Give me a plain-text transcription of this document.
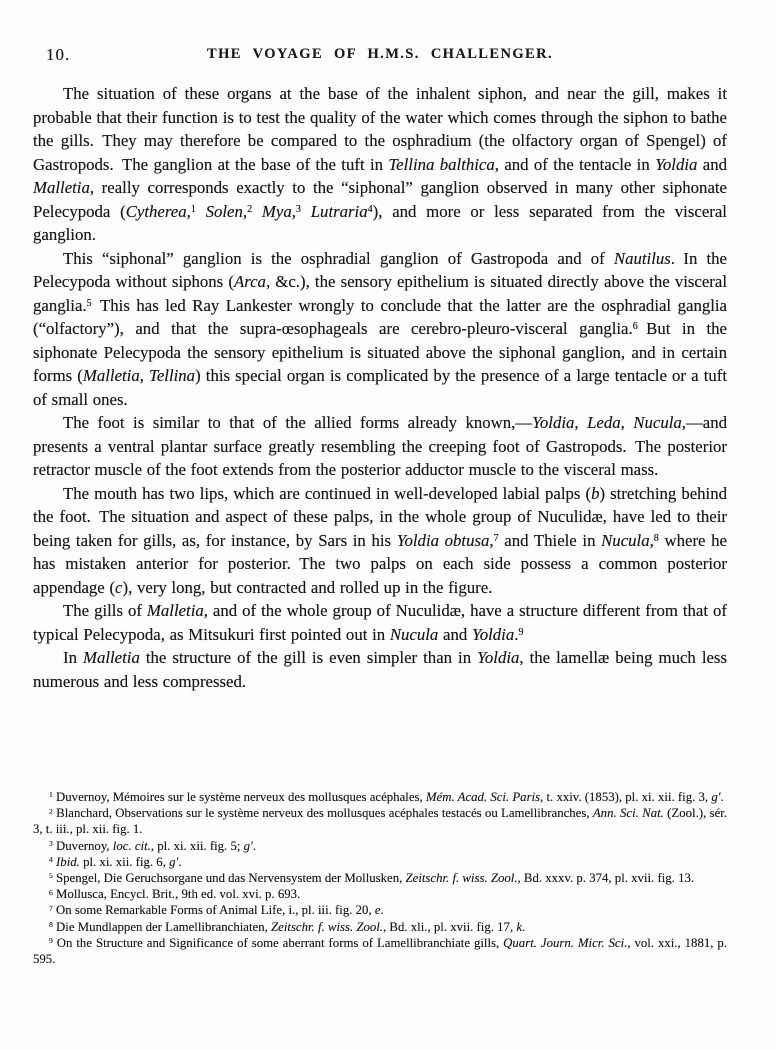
10.	THE VOYAGE OF H.M.S. CHALLENGER.

The situation of these organs at the base of the inhalent siphon, and near the gill, makes it probable that their function is to test the quality of the water which comes through the siphon to bathe the gills. They may therefore be compared to the osphradium (the olfactory organ of Spengel) of Gastropods. The ganglion at the base of the tuft in Tellina balthica, and of the tentacle in Yoldia and Malletia, really corresponds exactly to the “siphonal” ganglion observed in many other siphonate Pelecypoda (Cytherea,$^1$ Solen,$^2$ Mya,$^3$ Lutraria$^4$), and more or less separated from the visceral ganglion.

This “siphonal” ganglion is the osphradial ganglion of Gastropoda and of Nautilus. In the Pelecypoda without siphons (Arca, &c.), the sensory epithelium is situated directly above the visceral ganglia.$^5$ This has led Ray Lankester wrongly to conclude that the latter are the osphradial ganglia (“olfactory”), and that the supra-œsophageals are cerebro-pleuro-visceral ganglia.$^6$ But in the siphonate Pelecypoda the sensory epithelium is situated above the siphonal ganglion, and in certain forms (Malletia, Tellina) this special organ is complicated by the presence of a large tentacle or a tuft of small ones.

The foot is similar to that of the allied forms already known,—Yoldia, Leda, Nucula,—and presents a ventral plantar surface greatly resembling the creeping foot of Gastropods. The posterior retractor muscle of the foot extends from the posterior adductor muscle to the visceral mass.

The mouth has two lips, which are continued in well-developed labial palps (b) stretching behind the foot. The situation and aspect of these palps, in the whole group of Nuculidæ, have led to their being taken for gills, as, for instance, by Sars in his Yoldia obtusa,$^7$ and Thiele in Nucula,$^8$ where he has mistaken anterior for posterior. The two palps on each side possess a common posterior appendage (c), very long, but contracted and rolled up in the figure.

The gills of Malletia, and of the whole group of Nuculidæ, have a structure different from that of typical Pelecypoda, as Mitsukuri first pointed out in Nucula and Yoldia.$^9$

In Malletia the structure of the gill is even simpler than in Yoldia, the lamellæ being much less numerous and less compressed.

$^1$ Duvernoy, Mémoires sur le système nerveux des mollusques acéphales, Mém. Acad. Sci. Paris, t. xxiv. (1853), pl. xi. xii. fig. 3, g′.

$^2$ Blanchard, Observations sur le système nerveux des mollusques acéphales testacés ou Lamellibranches, Ann. Sci. Nat. (Zool.), sér. 3, t. iii., pl. xii. fig. 1.

$^3$ Duvernoy, loc. cit., pl. xi. xii. fig. 5; g′.

$^4$ Ibid. pl. xi. xii. fig. 6, g′.

$^5$ Spengel, Die Geruchsorgane und das Nervensystem der Mollusken, Zeitschr. f. wiss. Zool., Bd. xxxv. p. 374, pl. xvii. fig. 13.

$^6$ Mollusca, Encycl. Brit., 9th ed. vol. xvi. p. 693.

$^7$ On some Remarkable Forms of Animal Life, i., pl. iii. fig. 20, e.

$^8$ Die Mundlappen der Lamellibranchiaten, Zeitschr. f. wiss. Zool., Bd. xli., pl. xvii. fig. 17, k.

$^9$ On the Structure and Significance of some aberrant forms of Lamellibranchiate gills, Quart. Journ. Micr. Sci., vol. xxi., 1881, p. 595.
